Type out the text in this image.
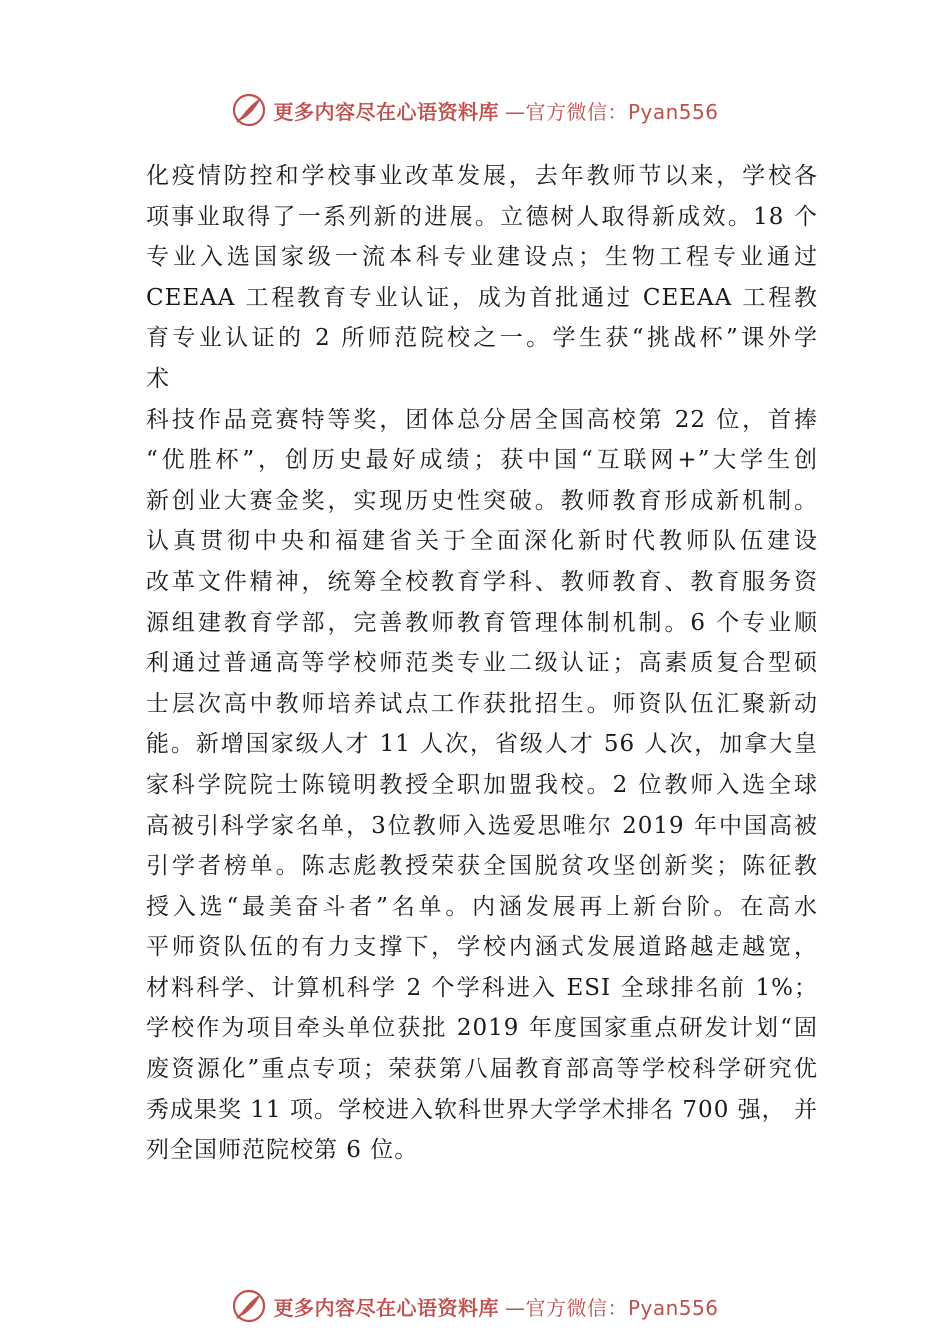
更多内容尽在心语资料库 —官方微信：Pyan556
化疫情防控和学校事业改革发展，去年教师节以来，学校各
项事业取得了一系列新的进展。立德树人取得新成效。18 个
专业入选国家级一流本科专业建设点；生物工程专业通过
CEEAA 工程教育专业认证，成为首批通过 CEEAA 工程教
育专业认证的 2 所师范院校之一。学生获“挑战杯”课外学
术
科技作品竞赛特等奖，团体总分居全国高校第 22 位，首捧
“优胜杯”，创历史最好成绩；获中国“互联网+”大学生创
新创业大赛金奖，实现历史性突破。教师教育形成新机制。
认真贯彻中央和福建省关于全面深化新时代教师队伍建设
改革文件精神，统筹全校教育学科、教师教育、教育服务资
源组建教育学部，完善教师教育管理体制机制。6 个专业顺
利通过普通高等学校师范类专业二级认证；高素质复合型硕
士层次高中教师培养试点工作获批招生。师资队伍汇聚新动
能。新增国家级人才 11 人次，省级人才 56 人次，加拿大皇
家科学院院士陈镜明教授全职加盟我校。2 位教师入选全球
高被引科学家名单，3位教师入选爱思唯尔 2019 年中国高被
引学者榜单。陈志彪教授荣获全国脱贫攻坚创新奖；陈征教
授入选“最美奋斗者”名单。内涵发展再上新台阶。在高水
平师资队伍的有力支撑下，学校内涵式发展道路越走越宽，
材料科学、计算机科学 2 个学科进入 ESI 全球排名前 1%；
学校作为项目牵头单位获批 2019 年度国家重点研发计划“固
废资源化”重点专项；荣获第八届教育部高等学校科学研究优
秀成果奖 11 项。学校进入软科世界大学学术排名 700 强， 并
列全国师范院校第 6 位。
更多内容尽在心语资料库 —官方微信：Pyan556
